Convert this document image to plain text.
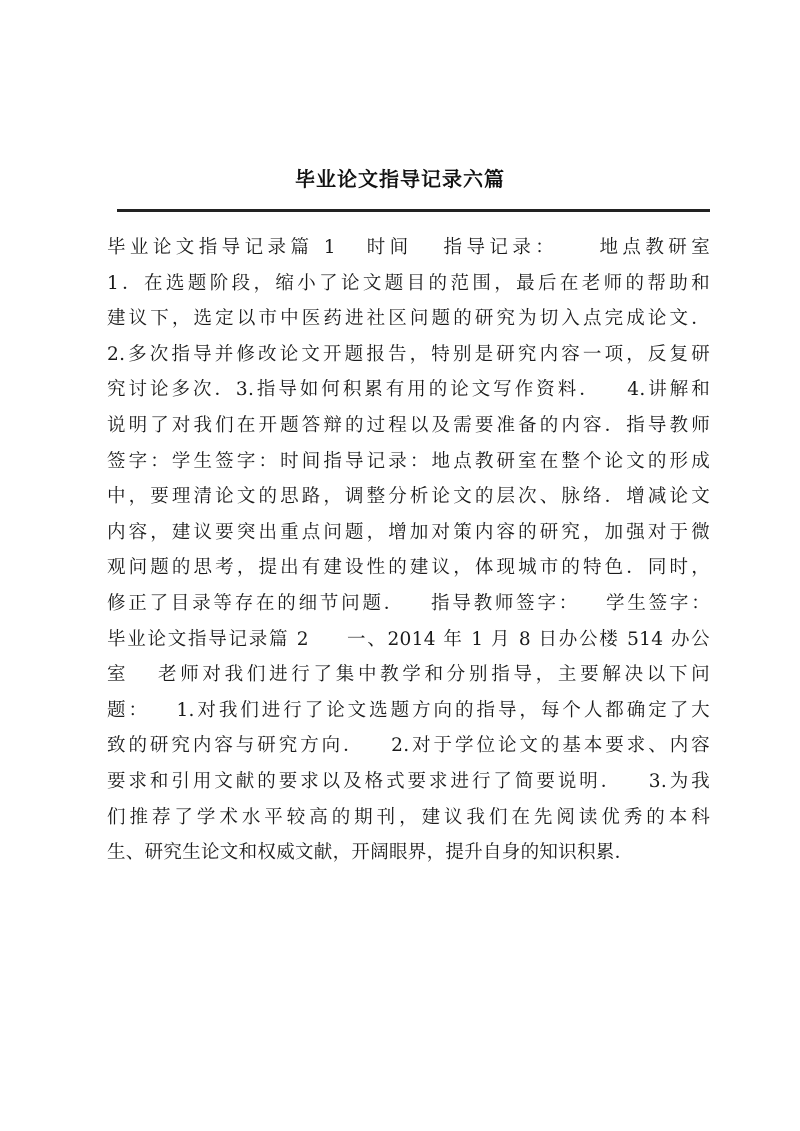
毕业论文指导记录六篇
毕业论文指导记录篇 1   时间   指导记录：    地点教研室
1．在选题阶段，缩小了论文题目的范围，最后在老师的帮助和
建议下，选定以市中医药进社区问题的研究为切入点完成论文．
2.多次指导并修改论文开题报告，特别是研究内容一项，反复研
究讨论多次．3.指导如何积累有用的论文写作资料．   4.讲解和
说明了对我们在开题答辩的过程以及需要准备的内容．指导教师
签字：学生签字：时间指导记录：地点教研室在整个论文的形成
中，要理清论文的思路，调整分析论文的层次、脉络．增减论文
内容，建议要突出重点问题，增加对策内容的研究，加强对于微
观问题的思考，提出有建设性的建议，体现城市的特色．同时，
修正了目录等存在的细节问题．   指导教师签字：   学生签字：
毕业论文指导记录篇 2     一、2014 年 1 月 8 日办公楼 514 办公
室   老师对我们进行了集中教学和分别指导，主要解决以下问
题：   1.对我们进行了论文选题方向的指导，每个人都确定了大
致的研究内容与研究方向．   2.对于学位论文的基本要求、内容
要求和引用文献的要求以及格式要求进行了简要说明．   3.为我
们推荐了学术水平较高的期刊，建议我们在先阅读优秀的本科
生、研究生论文和权威文献，开阔眼界，提升自身的知识积累．
